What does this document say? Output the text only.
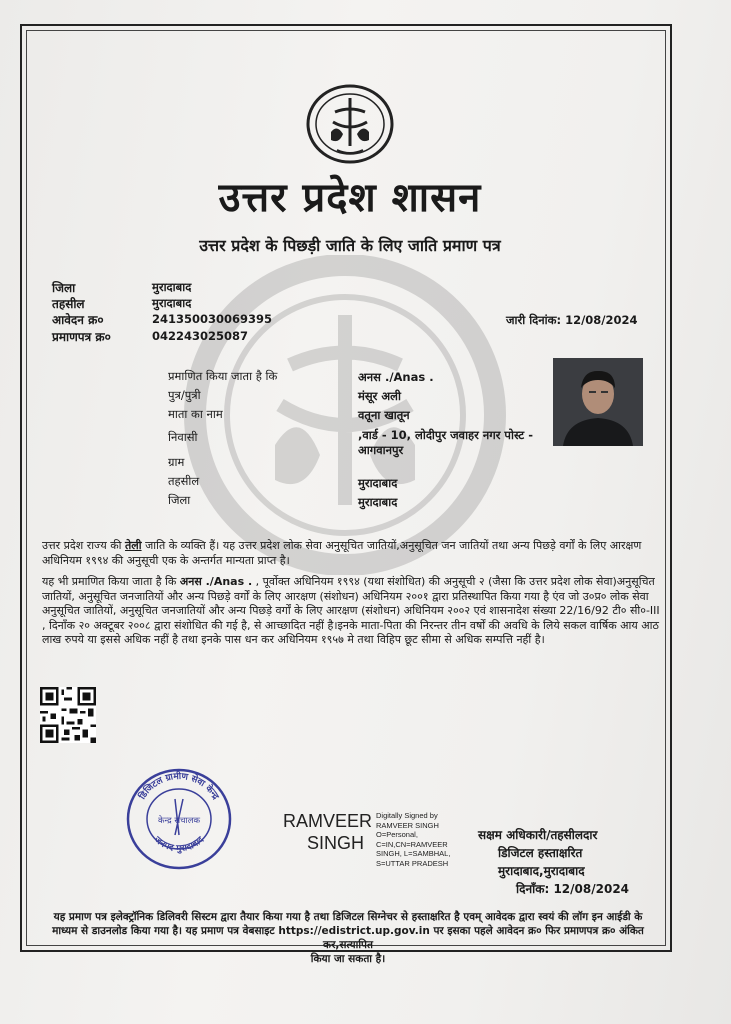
उत्तर प्रदेश शासन
उत्तर प्रदेश के पिछड़ी जाति के लिए जाति प्रमाण पत्र
जिला	मुरादाबाद
तहसील	मुरादाबाद
आवेदन क्र०	241350030069395
प्रमाणपत्र क्र०	042243025087
जारी दिनांक: 12/08/2024
प्रमाणित किया जाता है कि	अनस ./Anas .
पुत्र/पुत्री	मंसूर अली
माता का नाम	वतूना खातून
निवासी	,वार्ड - 10, लोदीपुर जवाहर नगर पोस्ट - आगवानपुर
ग्राम
तहसील	मुरादाबाद
जिला	मुरादाबाद
उत्तर प्रदेश राज्य की तेली जाति के व्यक्ति हैं। यह उत्तर प्रदेश लोक सेवा अनुसूचित जातियों,अनुसूचित जन जातियों तथा अन्य पिछड़े वर्गों के लिए आरक्षण अधिनियम १९९४ की अनुसूची एक के अन्तर्गत मान्यता प्राप्त है।
यह भी प्रमाणित किया जाता है कि अनस ./Anas . , पूर्वोक्त अधिनियम १९९४ (यथा संशोधित) की अनुसूची २ (जैसा कि उत्तर प्रदेश लोक सेवा)अनुसूचित जातियों, अनुसूचित जनजातियों और अन्य पिछड़े वर्गों के लिए आरक्षण (संशोधन) अधिनियम २००१ द्वारा प्रतिस्थापित किया गया है एंव जो उ०प्र० लोक सेवा अनुसूचित जातियों, अनुसूचित जनजातियों और अन्य पिछड़े वर्गों के लिए आरक्षण (संशोधन) अधिनियम २००२ एवं शासनादेश संख्या 22/16/92 टी० सी०-III , दिनाँक २० अक्टूबर २००८ द्वारा संशोधित की गई है, से आच्छादित नहीं है।इनके माता-पिता की निरन्तर तीन वर्षों की अवधि के लिये सकल वार्षिक आय आठ लाख रुपये या इससे अधिक नहीं है तथा इनके पास धन कर अधिनियम १९५७ मे तथा विहिप छूट सीमा से अधिक सम्पत्ति नहीं है।
डिजिटल ग्रामीण सेवा केन्द्र
केन्द्र संचालक
जनपद मुरादाबाद
RAMVEER
SINGH
Digitally Signed by
RAMVEER SINGH
O=Personal,
C=IN,CN=RAMVEER
SINGH, L=SAMBHAL,
S=UTTAR PRADESH
सक्षम अधिकारी/तहसीलदार
डिजिटल हस्ताक्षरित
मुरादाबाद,मुरादाबाद
दिनाँक: 12/08/2024
यह प्रमाण पत्र इलेक्ट्रॉनिक डिलिवरी सिस्टम द्वारा तैयार किया गया है तथा डिजिटल सिग्नेचर से हस्ताक्षरित है एवम् आवेदक द्वारा स्वयं की लॉग इन आईडी के
माध्यम से डाउनलोड किया गया है। यह प्रमाण पत्र वेबसाइट https://edistrict.up.gov.in पर इसका पहले आवेदन क्र० फिर प्रमाणपत्र क्र० अंकित कर,सत्यापित
किया जा सकता है।
